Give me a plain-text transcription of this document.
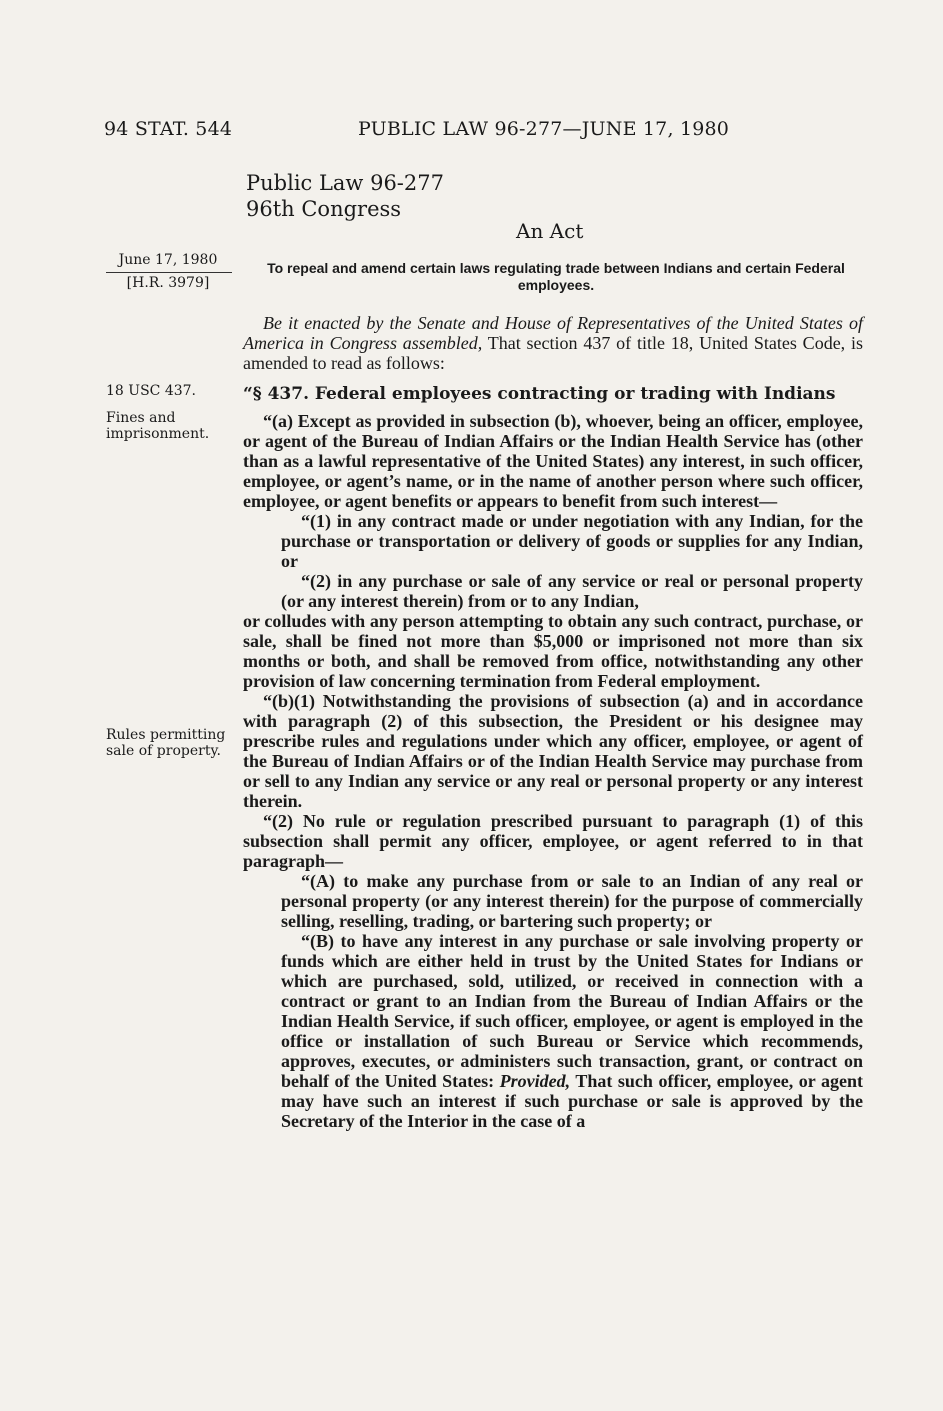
94 STAT. 544	PUBLIC LAW 96-277—JUNE 17, 1980
Public Law 96-277
96th Congress
An Act
June 17, 1980
[H.R. 3979]
To repeal and amend certain laws regulating trade between Indians and certain Federal employees.

Be it enacted by the Senate and House of Representatives of the United States of America in Congress assembled, That section 437 of title 18, United States Code, is amended to read as follows:

18 USC 437.	“§ 437. Federal employees contracting or trading with Indians
Fines and imprisonment.
Rules permitting sale of property.

“(a) Except as provided in subsection (b), whoever, being an officer, employee, or agent of the Bureau of Indian Affairs or the Indian Health Service has (other than as a lawful representative of the United States) any interest, in such officer, employee, or agent’s name, or in the name of another person where such officer, employee, or agent benefits or appears to benefit from such interest—

“(1) in any contract made or under negotiation with any Indian, for the purchase or transportation or delivery of goods or supplies for any Indian, or

“(2) in any purchase or sale of any service or real or personal property (or any interest therein) from or to any Indian,

or colludes with any person attempting to obtain any such contract, purchase, or sale, shall be fined not more than $5,000 or imprisoned not more than six months or both, and shall be removed from office, notwithstanding any other provision of law concerning termination from Federal employment.

“(b)(1) Notwithstanding the provisions of subsection (a) and in accordance with paragraph (2) of this subsection, the President or his designee may prescribe rules and regulations under which any officer, employee, or agent of the Bureau of Indian Affairs or of the Indian Health Service may purchase from or sell to any Indian any service or any real or personal property or any interest therein.

“(2) No rule or regulation prescribed pursuant to paragraph (1) of this subsection shall permit any officer, employee, or agent referred to in that paragraph—

“(A) to make any purchase from or sale to an Indian of any real or personal property (or any interest therein) for the purpose of commercially selling, reselling, trading, or bartering such property; or

“(B) to have any interest in any purchase or sale involving property or funds which are either held in trust by the United States for Indians or which are purchased, sold, utilized, or received in connection with a contract or grant to an Indian from the Bureau of Indian Affairs or the Indian Health Service, if such officer, employee, or agent is employed in the office or installation of such Bureau or Service which recommends, approves, executes, or administers such transaction, grant, or contract on behalf of the United States: Provided, That such officer, employee, or agent may have such an interest if such purchase or sale is approved by the Secretary of the Interior in the case of a
